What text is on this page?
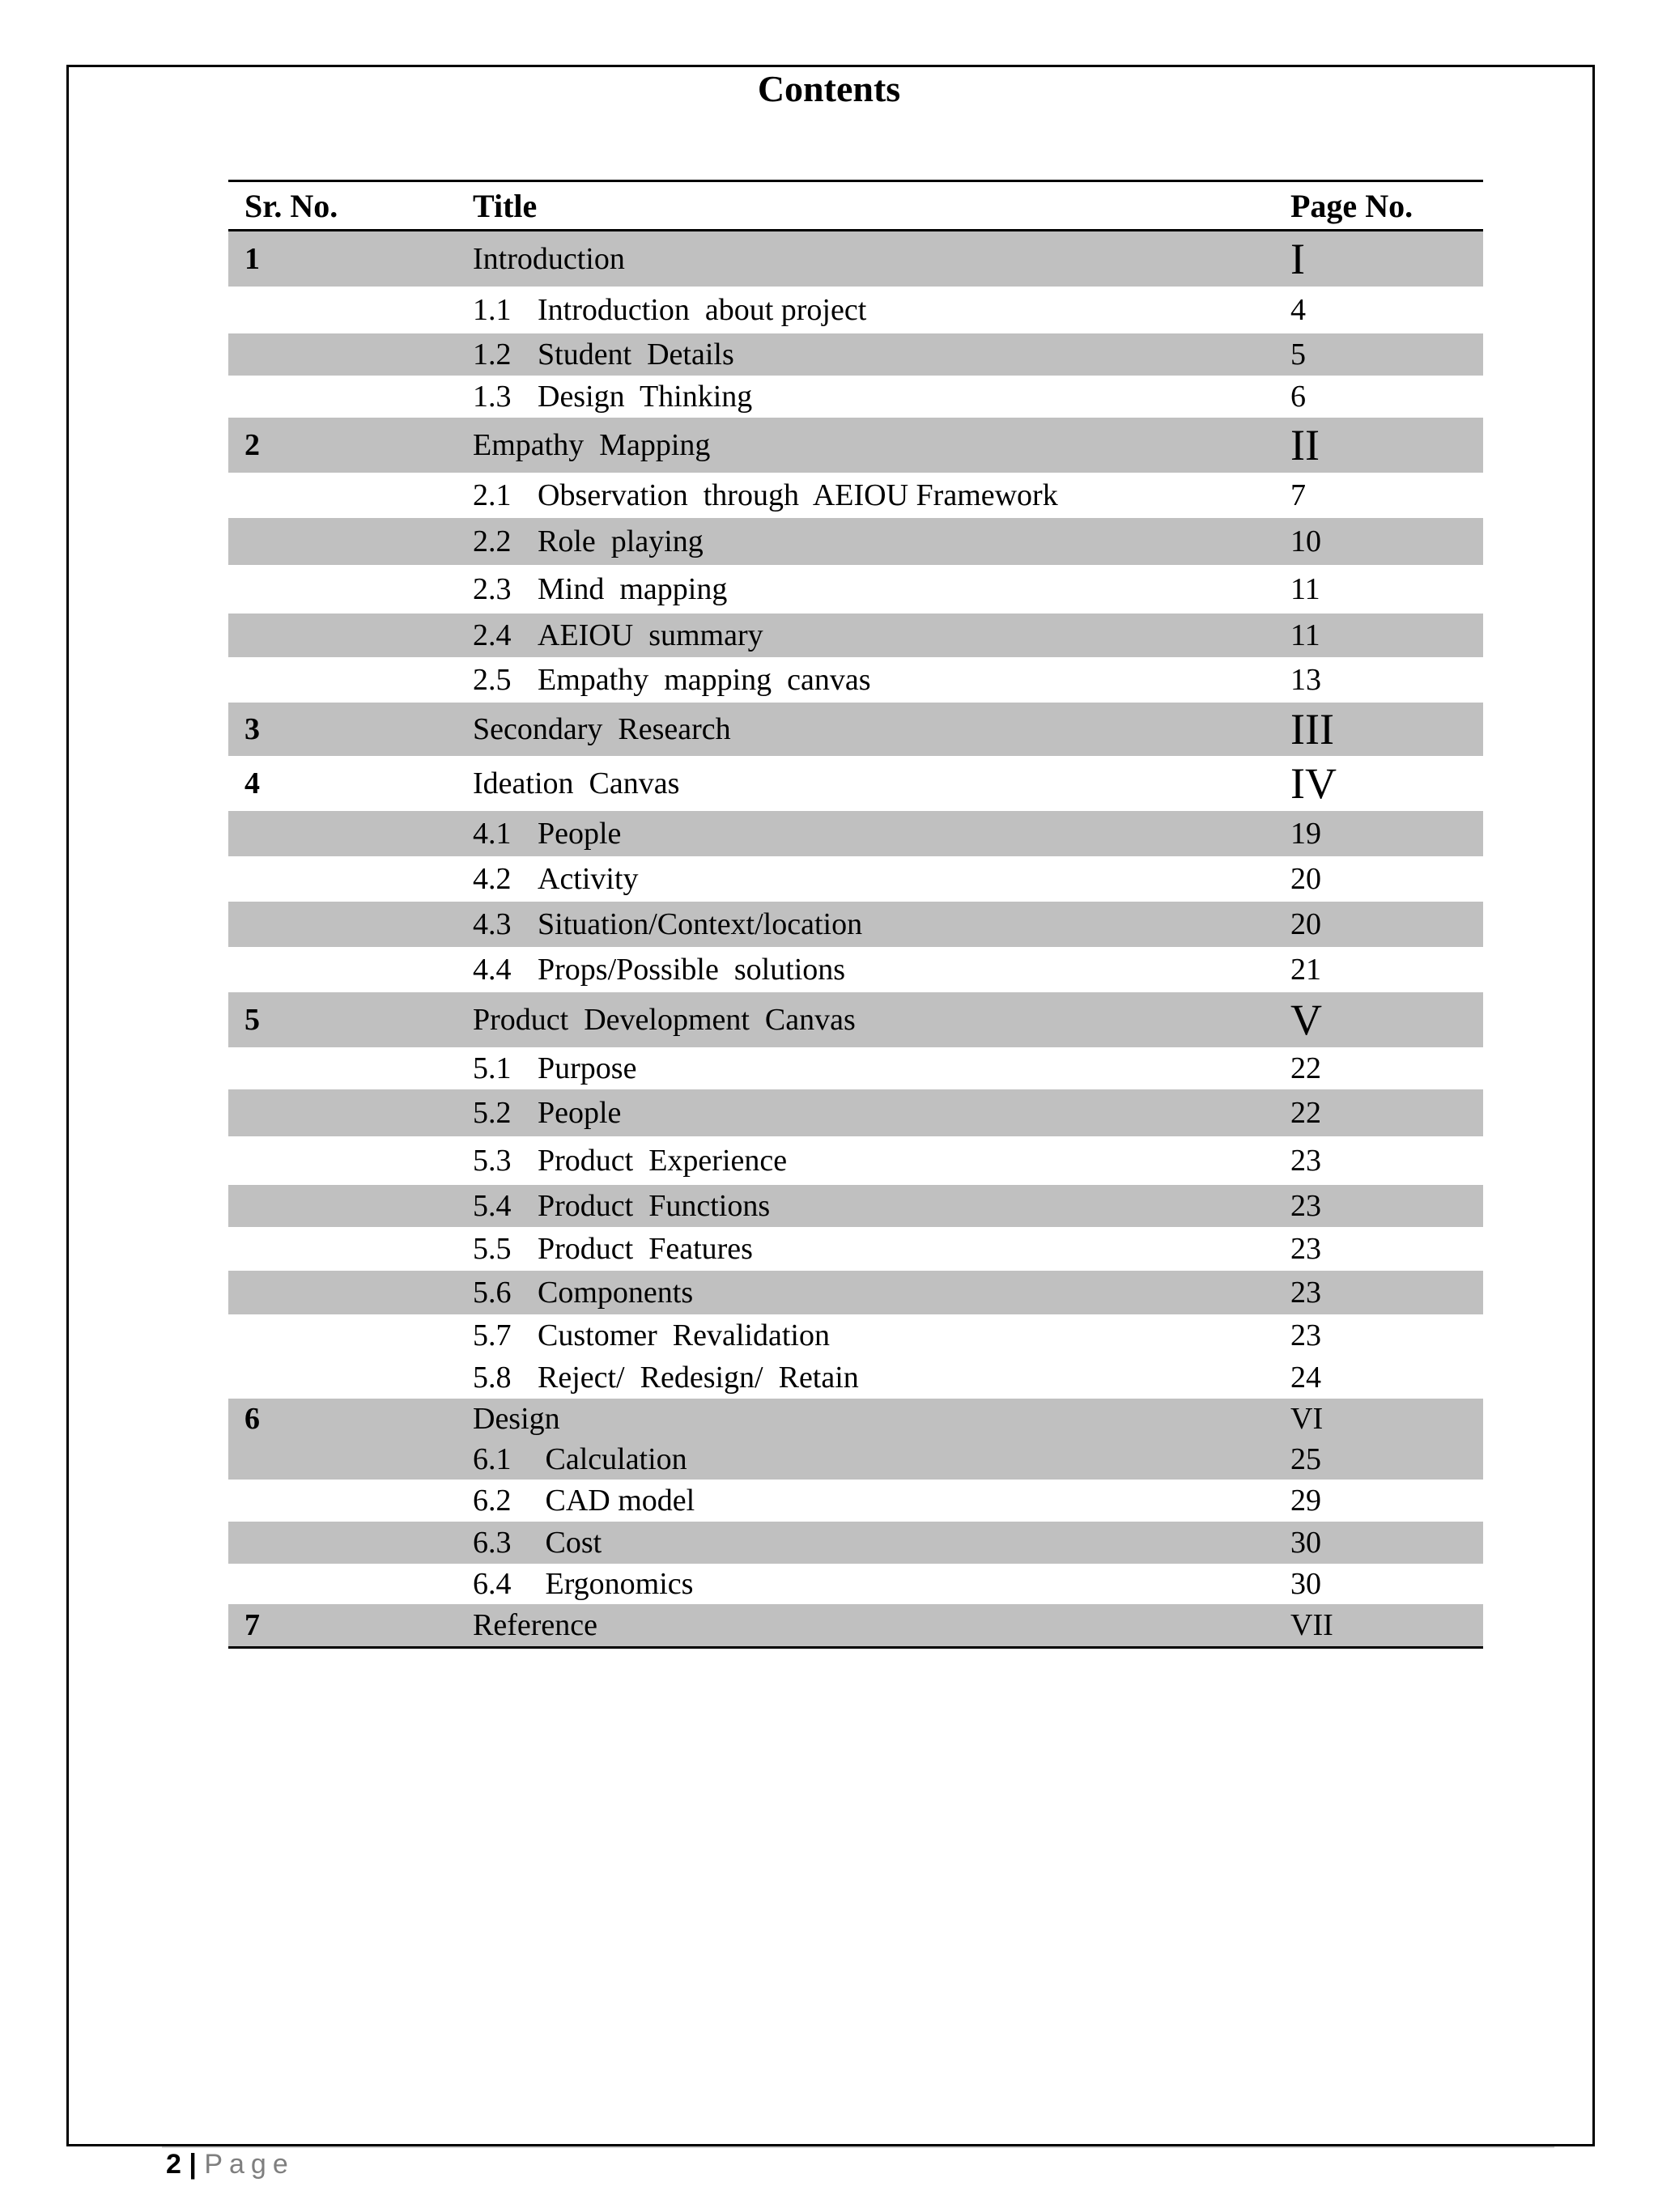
Contents
Sr. No.	Title	Page No.
1	Introduction	I
1.1 Introduction  about project	4
1.2 Student  Details	5
1.3 Design  Thinking	6
2	Empathy  Mapping	II
2.1 Observation  through  AEIOU Framework	7
2.2 Role  playing	10
2.3 Mind  mapping	11
2.4 AEIOU  summary	11
2.5 Empathy  mapping  canvas	13
3	Secondary  Research	III
4	Ideation  Canvas	IV
4.1 People	19
4.2 Activity	20
4.3 Situation/Context/location	20
4.4 Props/Possible  solutions	21
5	Product  Development  Canvas	V
5.1 Purpose	22
5.2 People	22
5.3 Product  Experience	23
5.4 Product  Functions	23
5.5 Product  Features	23
5.6 Components	23
5.7 Customer  Revalidation	23
5.8 Reject/  Redesign/  Retain	24
6	Design	VI
6.1 Calculation	25
6.2 CAD model	29
6.3 Cost	30
6.4 Ergonomics	30
7	Reference	VII
2 | Page
